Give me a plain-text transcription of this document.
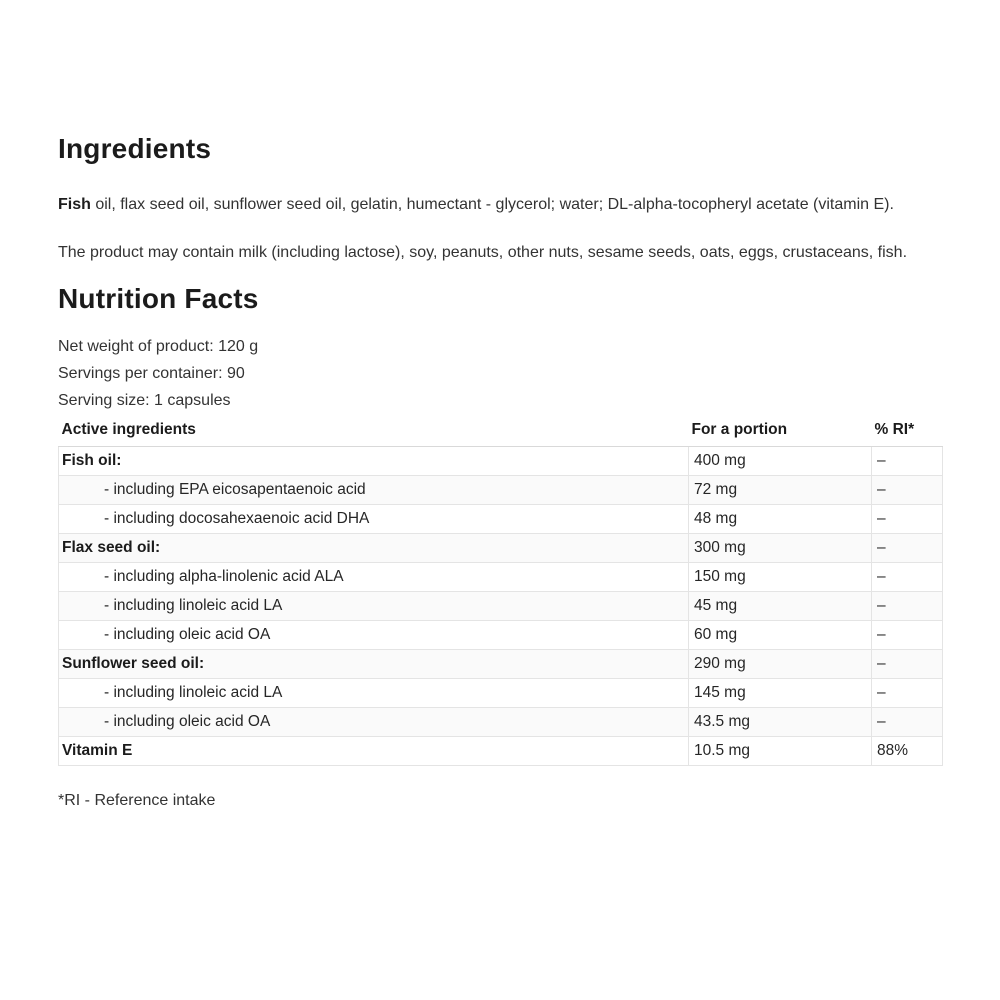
Ingredients

Fish oil, flax seed oil, sunflower seed oil, gelatin, humectant - glycerol; water; DL-alpha-tocopheryl acetate (vitamin E).

The product may contain milk (including lactose), soy, peanuts, other nuts, sesame seeds, oats, eggs, crustaceans, fish.

Nutrition Facts
Net weight of product: 120 g
Servings per container: 90
Serving size: 1 capsules
Active ingredients	For a portion	% RI*
Fish oil:	400 mg	–
- including EPA eicosapentaenoic acid	72 mg	–
- including docosahexaenoic acid DHA	48 mg	–
Flax seed oil:	300 mg	–
- including alpha-linolenic acid ALA	150 mg	–
- including linoleic acid LA	45 mg	–
- including oleic acid OA	60 mg	–
Sunflower seed oil:	290 mg	–
- including linoleic acid LA	145 mg	–
- including oleic acid OA	43.5 mg	–
Vitamin E	10.5 mg	88%
*RI - Reference intake
